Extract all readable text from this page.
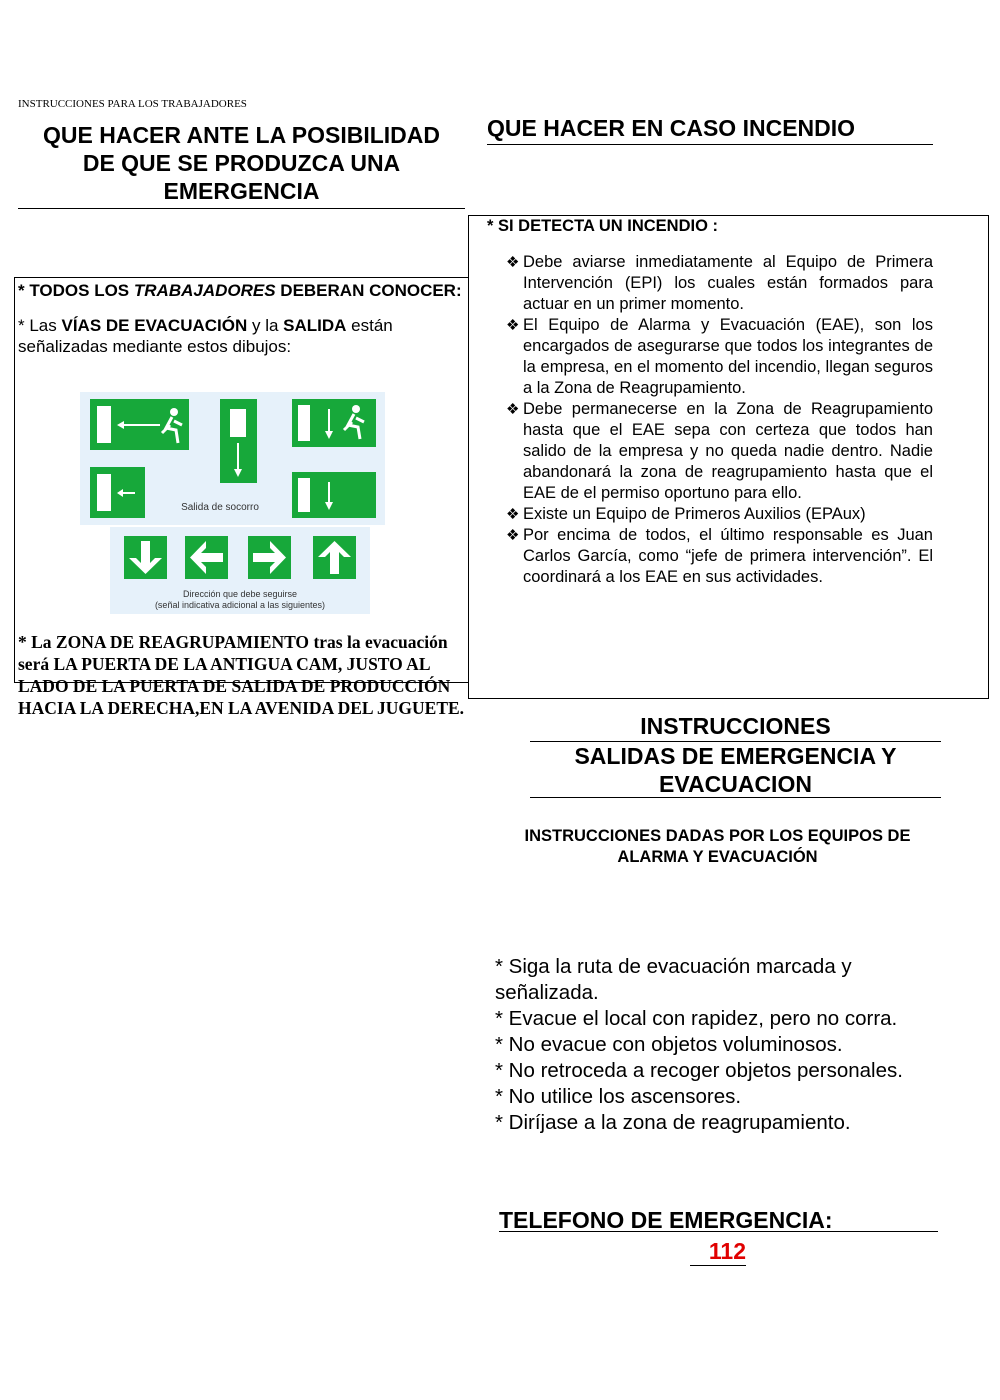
INSTRUCCIONES PARA LOS TRABAJADORES
QUE HACER ANTE LA POSIBILIDAD
DE QUE SE PRODUZCA UNA
EMERGENCIA
QUE HACER EN CASO INCENDIO
* TODOS LOS TRABAJADORES DEBERAN CONOCER:
* Las VÍAS DE EVACUACIÓN y la SALIDA están señalizadas mediante estos dibujos:
Salida de socorro
Dirección que debe seguirse
(señal indicativa adicional a las siguientes)
* La ZONA DE REAGRUPAMIENTO tras la evacuación será LA PUERTA DE LA ANTIGUA CAM, JUSTO AL LADO DE LA PUERTA DE SALIDA DE PRODUCCIÓN HACIA LA DERECHA,EN LA AVENIDA DEL JUGUETE.
* SI DETECTA UN INCENDIO :
❖ Debe aviarse inmediatamente al Equipo de Primera Intervención (EPI) los cuales están formados para actuar en un primer momento.
❖ El Equipo de Alarma y Evacuación (EAE), son los encargados de asegurarse que todos los integrantes de la empresa, en el momento del incendio, llegan seguros a la Zona de Reagrupamiento.
❖ Debe permanecerse en la Zona de Reagrupamiento hasta que el EAE sepa con certeza que todos han salido de la empresa y no queda nadie dentro. Nadie abandonará la zona de reagrupamiento hasta que el EAE de el permiso oportuno para ello.
❖ Existe un Equipo de Primeros Auxilios (EPAux)
❖ Por encima de todos, el último responsable es Juan Carlos García, como “jefe de primera intervención”. El coordinará a los EAE en sus actividades.
INSTRUCCIONES
SALIDAS DE EMERGENCIA Y
EVACUACION
INSTRUCCIONES DADAS POR LOS EQUIPOS DE
ALARMA Y EVACUACIÓN
* Siga la ruta de evacuación marcada y
señalizada.
* Evacue el local con rapidez, pero no corra.
* No evacue con objetos voluminosos.
* No retroceda a recoger objetos personales.
* No utilice los ascensores.
* Diríjase a la zona de reagrupamiento.
TELEFONO DE EMERGENCIA:
112
